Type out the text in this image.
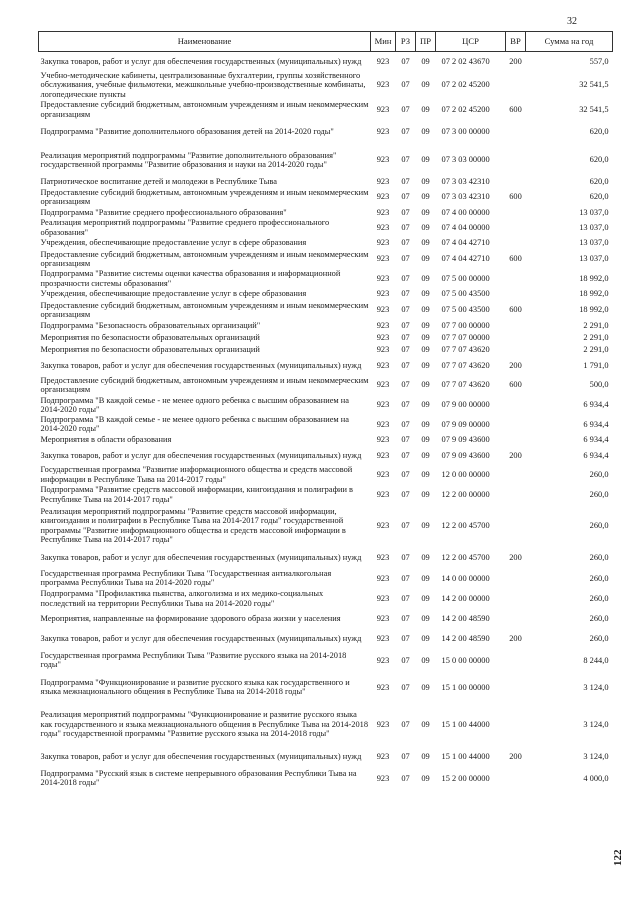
32
Наименование	Мин	РЗ	ПР	ЦСР	ВР	Сумма на год
Закупка товаров, работ и услуг для обеспечения государственных (муниципальных) нужд	923	07	09	07 2 02 43670	200	557,0
Учебно-методические кабинеты, централизованные бухгалтерии, группы хозяйственного обслуживания, учебные фильмотеки, межшкольные учебно-производственные комбинаты, логопедические пункты	923	07	09	07 2 02 45200		32 541,5
Предоставление субсидий бюджетным, автономным учреждениям и иным некоммерческим организациям	923	07	09	07 2 02 45200	600	32 541,5
Подпрограмма "Развитие дополнительного образования детей на 2014-2020 годы"	923	07	09	07 3 00 00000		620,0
Реализация мероприятий подпрограммы "Развитие дополнительного образования" государственной программы "Развитие образования и науки на 2014-2020 годы"	923	07	09	07 3 03 00000		620,0
Патриотическое воспитание детей и молодежи в Республике Тыва	923	07	09	07 3 03 42310		620,0
Предоставление субсидий бюджетным, автономным учреждениям и иным некоммерческим организациям	923	07	09	07 3 03 42310	600	620,0
Подпрограмма "Развитие среднего профессионального образования"	923	07	09	07 4 00 00000		13 037,0
Реализация мероприятий подпрограммы "Развитие среднего профессионального образования"	923	07	09	07 4 04 00000		13 037,0
Учреждения, обеспечивающие предоставление услуг в сфере образования	923	07	09	07 4 04 42710		13 037,0
Предоставление субсидий бюджетным, автономным учреждениям и иным некоммерческим организациям	923	07	09	07 4 04 42710	600	13 037,0
Подпрограмма "Развитие системы оценки качества образования и информационной прозрачности системы образования"	923	07	09	07 5 00 00000		18 992,0
Учреждения, обеспечивающие предоставление услуг в сфере образования	923	07	09	07 5 00 43500		18 992,0
Предоставление субсидий бюджетным, автономным учреждениям и иным некоммерческим организациям	923	07	09	07 5 00 43500	600	18 992,0
Подпрограмма "Безопасность образовательных организаций"	923	07	09	07 7 00 00000		2 291,0
Мероприятия по безопасности образовательных организаций	923	07	09	07 7 07 00000		2 291,0
Мероприятия по безопасности образовательных организаций	923	07	09	07 7 07 43620		2 291,0
Закупка товаров, работ и услуг для обеспечения государственных (муниципальных) нужд	923	07	09	07 7 07 43620	200	1 791,0
Предоставление субсидий бюджетным, автономным учреждениям и иным некоммерческим организациям	923	07	09	07 7 07 43620	600	500,0
Подпрограмма "В каждой семье - не менее одного ребенка с высшим образованием на 2014-2020 годы"	923	07	09	07 9 00 00000		6 934,4
Подпрограмма "В каждой семье - не менее одного ребенка с высшим образованием на 2014-2020 годы"	923	07	09	07 9 09 00000		6 934,4
Мероприятия в области образования	923	07	09	07 9 09 43600		6 934,4
Закупка товаров, работ и услуг для обеспечения государственных (муниципальных) нужд	923	07	09	07 9 09 43600	200	6 934,4
Государственная программа "Развитие информационного общества и средств массовой информации в Республике Тыва на 2014-2017 годы"	923	07	09	12 0 00 00000		260,0
Подпрограмма "Развитие средств массовой информации, книгоиздания и полиграфии в Республике Тыва на 2014-2017 годы"	923	07	09	12 2 00 00000		260,0
Реализация мероприятий подпрограммы "Развитие средств массовой информации, книгоиздания и полиграфии в Республике Тыва на 2014-2017 годы" государственной программы "Развитие информационного общества и средств массовой информации в Республике Тыва на 2014-2017 годы"	923	07	09	12 2 00 45700		260,0
Закупка товаров, работ и услуг для обеспечения государственных (муниципальных) нужд	923	07	09	12 2 00 45700	200	260,0
Государственная программа Республики Тыва "Государственная антиалкогольная программа Республики Тыва на 2014-2020 годы"	923	07	09	14 0 00 00000		260,0
Подпрограмма "Профилактика пьянства, алкоголизма и их медико-социальных последствий на территории Республики Тыва на 2014-2020 годы"	923	07	09	14 2 00 00000		260,0
Мероприятия, направленные на формирование здорового образа жизни у населения	923	07	09	14 2 00 48590		260,0
Закупка товаров, работ и услуг для обеспечения государственных (муниципальных) нужд	923	07	09	14 2 00 48590	200	260,0
Государственная программа Республики Тыва "Развитие русского языка на 2014-2018 годы"	923	07	09	15 0 00 00000		8 244,0
Подпрограмма "Функционирование и развитие русского языка как государственного и языка межнационального общения в Республике Тыва на 2014-2018 годы"	923	07	09	15 1 00 00000		3 124,0
Реализация мероприятий подпрограммы "Функционирование и развитие русского языка как государственного и языка межнационального общения в Республике Тыва на 2014-2018 годы" государственной программы "Развитие русского языка на 2014-2018 годы"	923	07	09	15 1 00 44000		3 124,0
Закупка товаров, работ и услуг для обеспечения государственных (муниципальных) нужд	923	07	09	15 1 00 44000	200	3 124,0
Подпрограмма "Русский язык в системе непрерывного образования Республики Тыва на 2014-2018 годы"	923	07	09	15 2 00 00000		4 000,0
122
